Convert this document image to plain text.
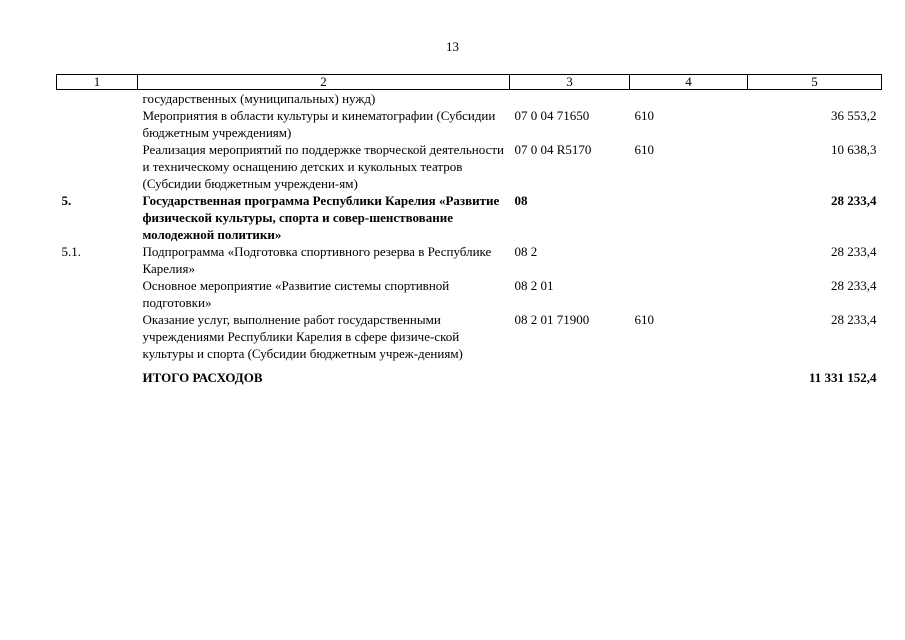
13
1	2	3	4	5
	государственных (муниципальных) нужд)			
	Мероприятия в области культуры и кинематографии (Субсидии бюджетным учреждениям)	07 0 04 71650	610	36 553,2
	Реализация мероприятий по поддержке творческой деятельности и техническому оснащению детских и кукольных театров (Субсидии бюджетным учреждени-ям)	07 0 04 R5170	610	10 638,3
5.	Государственная программа Республики Карелия «Развитие физической культуры, спорта и совер-шенствование молодежной политики»	08		28 233,4
5.1.	Подпрограмма «Подготовка спортивного резерва в Республике Карелия»	08 2		28 233,4
	Основное мероприятие «Развитие системы спортивной подготовки»	08 2 01		28 233,4
	Оказание услуг, выполнение работ государственными учреждениями Республики Карелия в сфере физиче-ской культуры и спорта (Субсидии бюджетным учреж-дениям)	08 2 01 71900	610	28 233,4

	ИТОГО РАСХОДОВ			11 331 152,4
